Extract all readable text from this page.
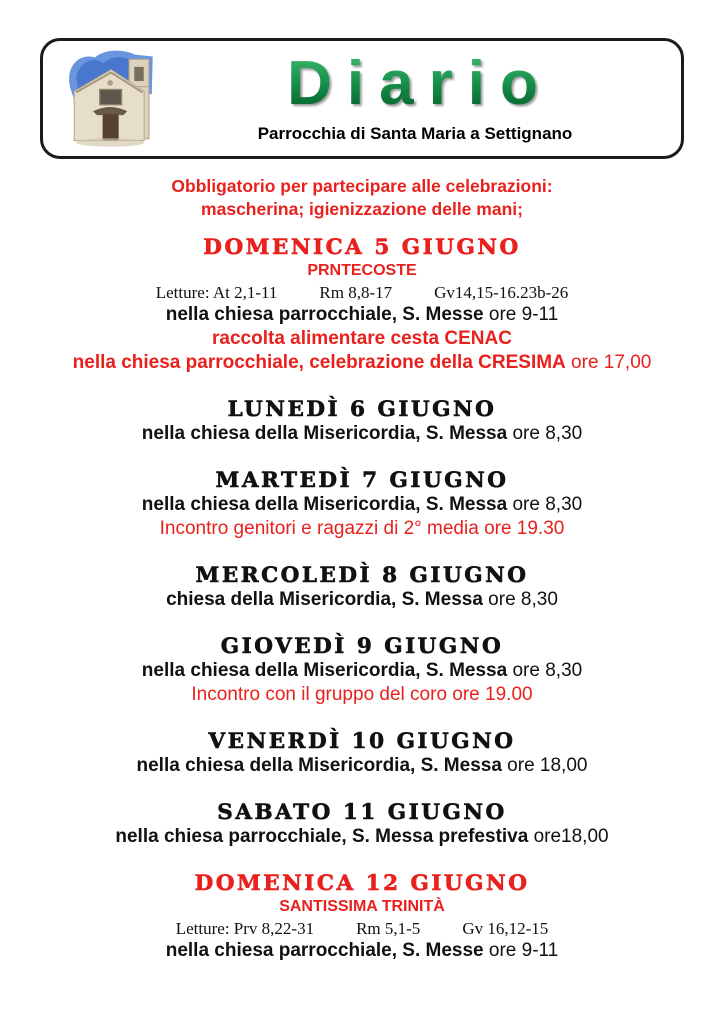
Diario
Parrocchia di Santa Maria a Settignano
Obbligatorio per partecipare alle celebrazioni:
mascherina; igienizzazione delle mani;
DOMENICA 5 GIUGNO
PRNTECOSTE
Letture: At 2,1-11 Rm 8,8-17 Gv14,15-16.23b-26
nella chiesa parrocchiale, S. Messe ore 9-11
raccolta alimentare cesta CENAC
nella chiesa parrocchiale, celebrazione della CRESIMA ore 17,00
LUNEDÌ 6 GIUGNO
nella chiesa della Misericordia, S. Messa ore 8,30
MARTEDÌ 7 GIUGNO
nella chiesa della Misericordia, S. Messa ore 8,30
Incontro genitori e ragazzi di 2° media ore 19.30
MERCOLEDÌ 8 GIUGNO
chiesa della Misericordia, S. Messa ore 8,30
GIOVEDÌ 9 GIUGNO
nella chiesa della Misericordia, S. Messa ore 8,30
Incontro con il gruppo del coro ore 19.00
VENERDÌ 10 GIUGNO
nella chiesa della Misericordia, S. Messa ore 18,00
SABATO 11 GIUGNO
nella chiesa parrocchiale, S. Messa prefestiva ore18,00
DOMENICA 12 GIUGNO
SANTISSIMA TRINITÀ
Letture: Prv 8,22-31 Rm 5,1-5 Gv 16,12-15
nella chiesa parrocchiale, S. Messe ore 9-11
